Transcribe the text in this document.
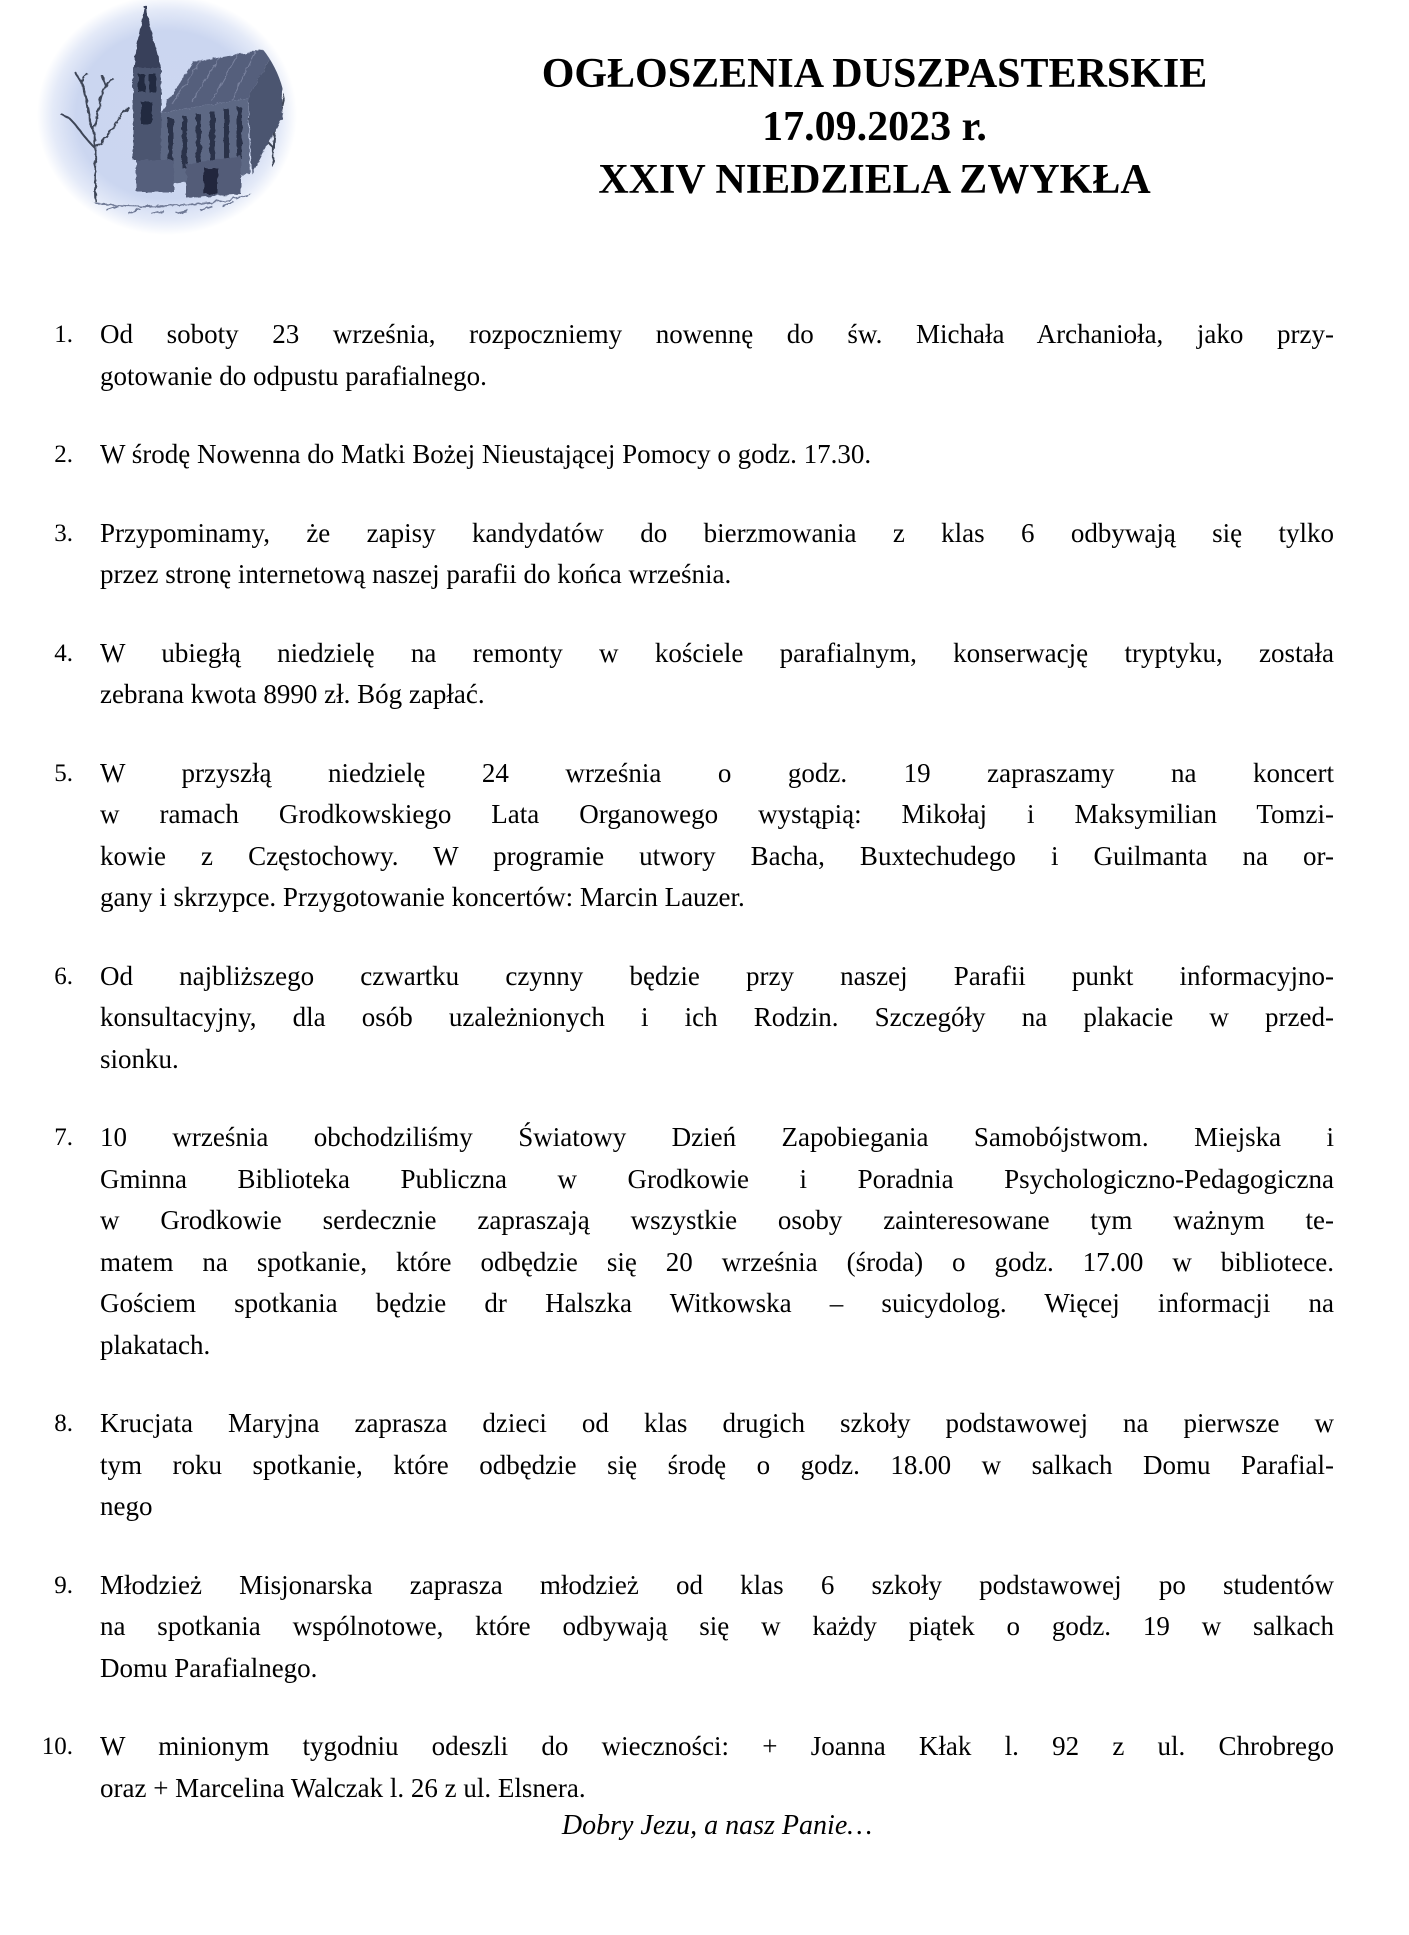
OGŁOSZENIA DUSZPASTERSKIE
17.09.2023 r.
XXIV NIEDZIELA ZWYKŁA
1. Od soboty 23 września, rozpoczniemy nowennę do św. Michała Archanioła, jako przy-
gotowanie do odpustu parafialnego.
2. W środę Nowenna do Matki Bożej Nieustającej Pomocy o godz. 17.30.
3. Przypominamy, że zapisy kandydatów do bierzmowania z klas 6 odbywają się tylko
przez stronę internetową naszej parafii do końca września.
4. W ubiegłą niedzielę na remonty w kościele parafialnym, konserwację tryptyku, została
zebrana kwota 8990 zł. Bóg zapłać.
5. W przyszłą niedzielę 24 września o godz. 19 zapraszamy na koncert
w ramach Grodkowskiego Lata Organowego wystąpią: Mikołaj i Maksymilian Tomzi-
kowie z Częstochowy. W programie utwory Bacha, Buxtechudego i Guilmanta na or-
gany i skrzypce. Przygotowanie koncertów: Marcin Lauzer.
6. Od najbliższego czwartku czynny będzie przy naszej Parafii punkt informacyjno-
konsultacyjny, dla osób uzależnionych i ich Rodzin. Szczegóły na plakacie w przed-
sionku.
7. 10 września obchodziliśmy Światowy Dzień Zapobiegania Samobójstwom. Miejska i
Gminna Biblioteka Publiczna w Grodkowie i Poradnia Psychologiczno-Pedagogiczna
w Grodkowie serdecznie zapraszają wszystkie osoby zainteresowane tym ważnym te-
matem na spotkanie, które odbędzie się 20 września (środa) o godz. 17.00 w bibliotece.
Gościem spotkania będzie dr Halszka Witkowska – suicydolog. Więcej informacji na
plakatach.
8. Krucjata Maryjna zaprasza dzieci od klas drugich szkoły podstawowej na pierwsze w
tym roku spotkanie, które odbędzie się środę o godz. 18.00 w salkach Domu Parafial-
nego
9. Młodzież Misjonarska zaprasza młodzież od klas 6 szkoły podstawowej po studentów
na spotkania wspólnotowe, które odbywają się w każdy piątek o godz. 19 w salkach
Domu Parafialnego.
10. W minionym tygodniu odeszli do wieczności: + Joanna Kłak l. 92 z ul. Chrobrego
oraz + Marcelina Walczak l. 26 z ul. Elsnera.
Dobry Jezu, a nasz Panie…
